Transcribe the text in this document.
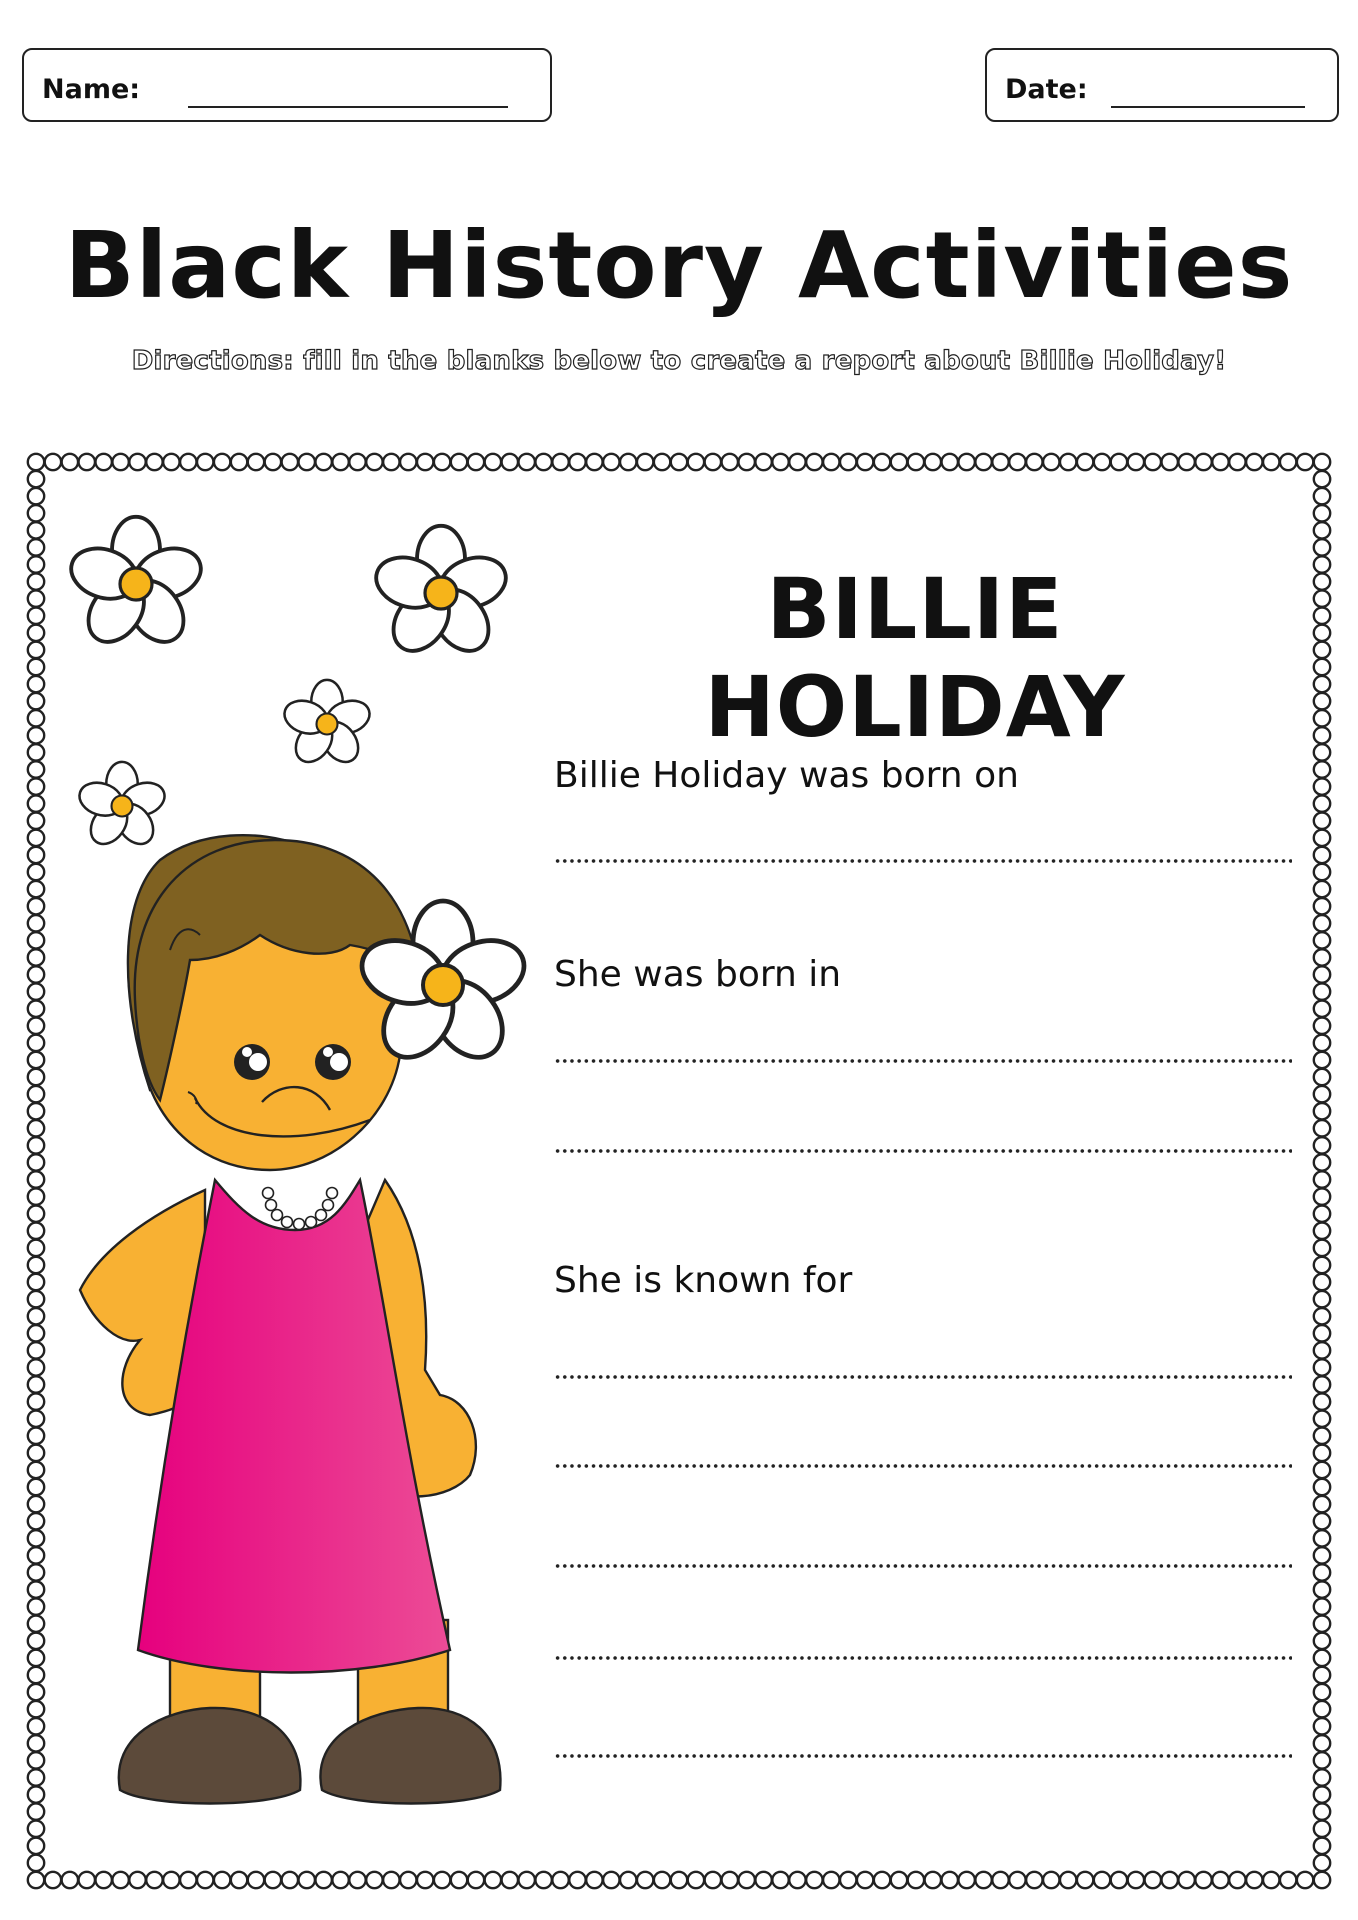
Name:	Date:
Black History Activities
Directions: fill in the blanks below to create a report about Billie Holiday!
BILLIE HOLIDAY
Billie Holiday was born on
She was born in
She is known for
